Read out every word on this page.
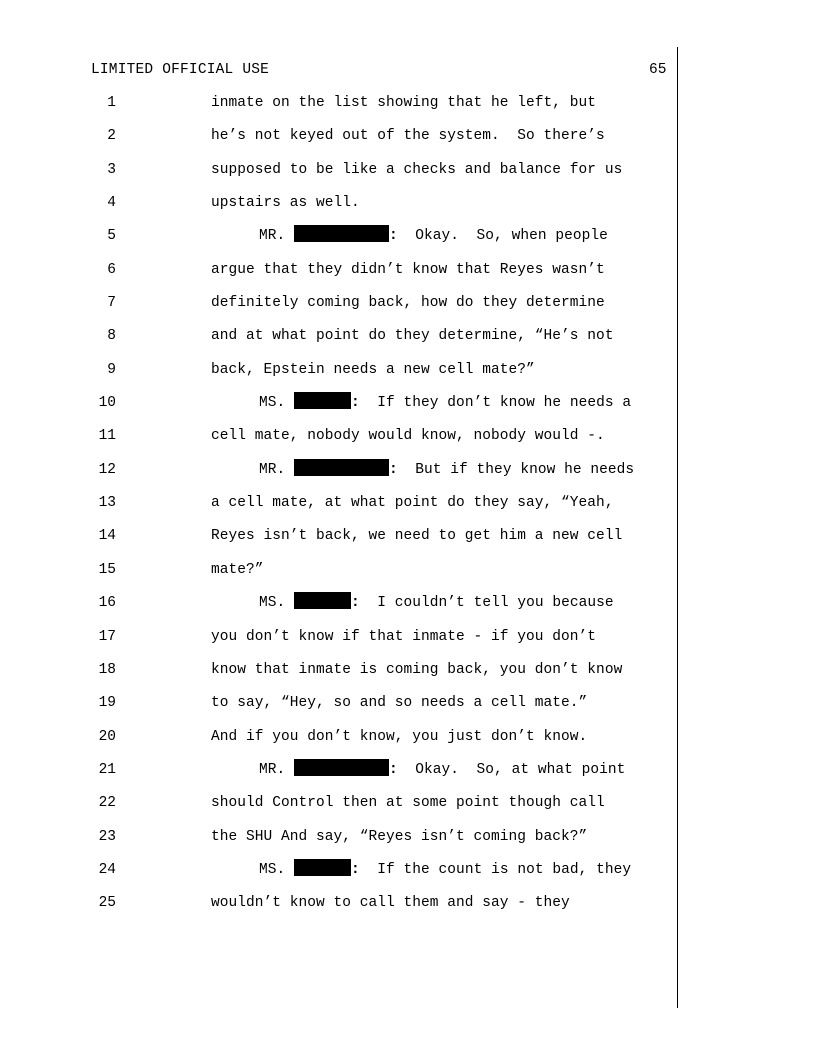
LIMITED OFFICIAL USE	65
1	inmate on the list showing that he left, but
2	he’s not keyed out of the system.  So there’s
3	supposed to be like a checks and balance for us
4	upstairs as well.
5	MR.	:  Okay.  So, when people
6	argue that they didn’t know that Reyes wasn’t
7	definitely coming back, how do they determine
8	and at what point do they determine, “He’s not
9	back, Epstein needs a new cell mate?”
10	MS.	:  If they don’t know he needs a
11	cell mate, nobody would know, nobody would -.
12	MR.	:  But if they know he needs
13	a cell mate, at what point do they say, “Yeah,
14	Reyes isn’t back, we need to get him a new cell
15	mate?”
16	MS.	:  I couldn’t tell you because
17	you don’t know if that inmate - if you don’t
18	know that inmate is coming back, you don’t know
19	to say, “Hey, so and so needs a cell mate.”
20	And if you don’t know, you just don’t know.
21	MR.	:  Okay.  So, at what point
22	should Control then at some point though call
23	the SHU And say, “Reyes isn’t coming back?”
24	MS.	:  If the count is not bad, they
25	wouldn’t know to call them and say - they
